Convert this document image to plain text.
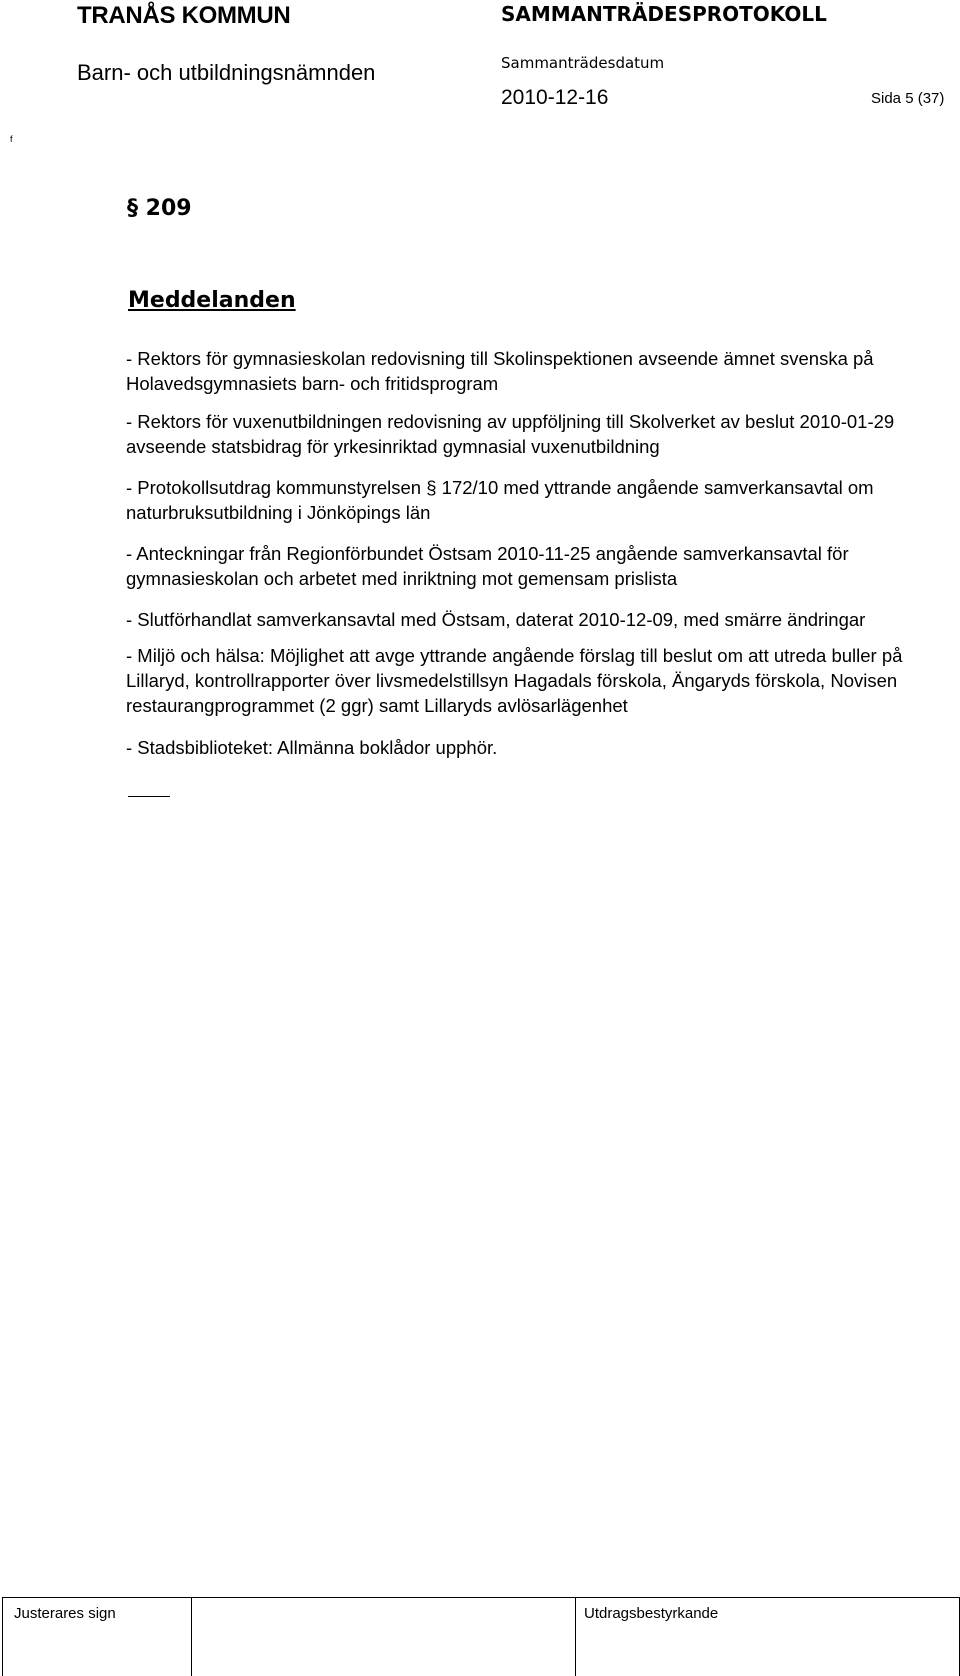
TRANÅS KOMMUN	SAMMANTRÄDESPROTOKOLL
Barn- och utbildningsnämnden	Sammanträdesdatum
2010-12-16	Sida 5 (37)
f
§ 209
Meddelanden
- Rektors för gymnasieskolan redovisning till Skolinspektionen avseende ämnet svenska på Holavedsgymnasiets barn- och fritidsprogram
- Rektors för vuxenutbildningen redovisning av uppföljning till Skolverket av beslut 2010-01-29 avseende statsbidrag för yrkesinriktad gymnasial vuxenutbildning
- Protokollsutdrag kommunstyrelsen § 172/10 med yttrande angående samverkansavtal om naturbruksutbildning i Jönköpings län
- Anteckningar från Regionförbundet Östsam 2010-11-25 angående samverkansavtal för gymnasieskolan och arbetet med inriktning mot gemensam prislista
- Slutförhandlat samverkansavtal med Östsam, daterat 2010-12-09, med smärre ändringar
- Miljö och hälsa: Möjlighet att avge yttrande angående förslag till beslut om att utreda buller på Lillaryd, kontrollrapporter över livsmedelstillsyn Hagadals förskola, Ängaryds förskola, Novisen restaurangprogrammet (2 ggr) samt Lillaryds avlösarlägenhet
- Stadsbiblioteket: Allmänna boklådor upphör.
Justerares sign	Utdragsbestyrkande
